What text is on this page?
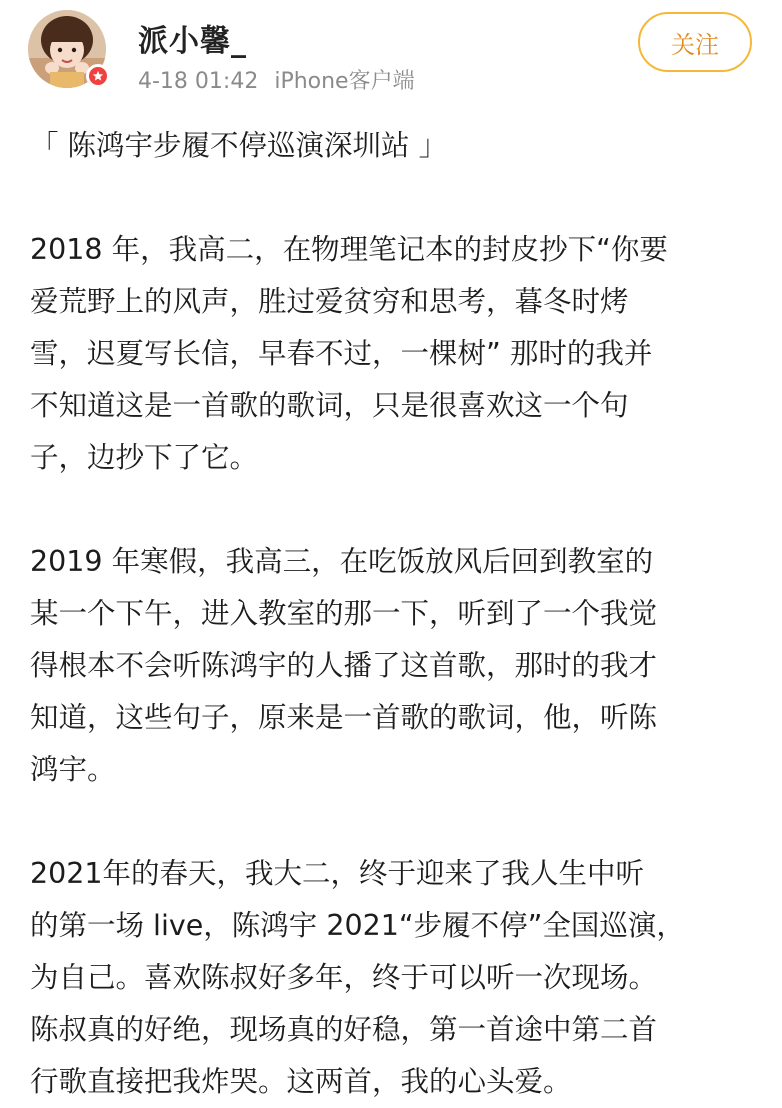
派小馨_
4-18 01:42 iPhone客户端
关注

「 陈鸿宇步履不停巡演深圳站 」

2018 年，我高二，在物理笔记本的封皮抄下“你要

爱荒野上的风声，胜过爱贫穷和思考，暮冬时烤

雪，迟夏写长信，早春不过，一棵树” 那时的我并

不知道这是一首歌的歌词，只是很喜欢这一个句

子，边抄下了它。

2019 年寒假，我高三，在吃饭放风后回到教室的

某一个下午，进入教室的那一下，听到了一个我觉

得根本不会听陈鸿宇的人播了这首歌，那时的我才

知道，这些句子，原来是一首歌的歌词，他，听陈

鸿宇。

2021年的春天，我大二，终于迎来了我人生中听

的第一场 live，陈鸿宇 2021“步履不停”全国巡演，

为自己。喜欢陈叔好多年，终于可以听一次现场。

陈叔真的好绝，现场真的好稳，第一首途中第二首

行歌直接把我炸哭。这两首，我的心头爱。
